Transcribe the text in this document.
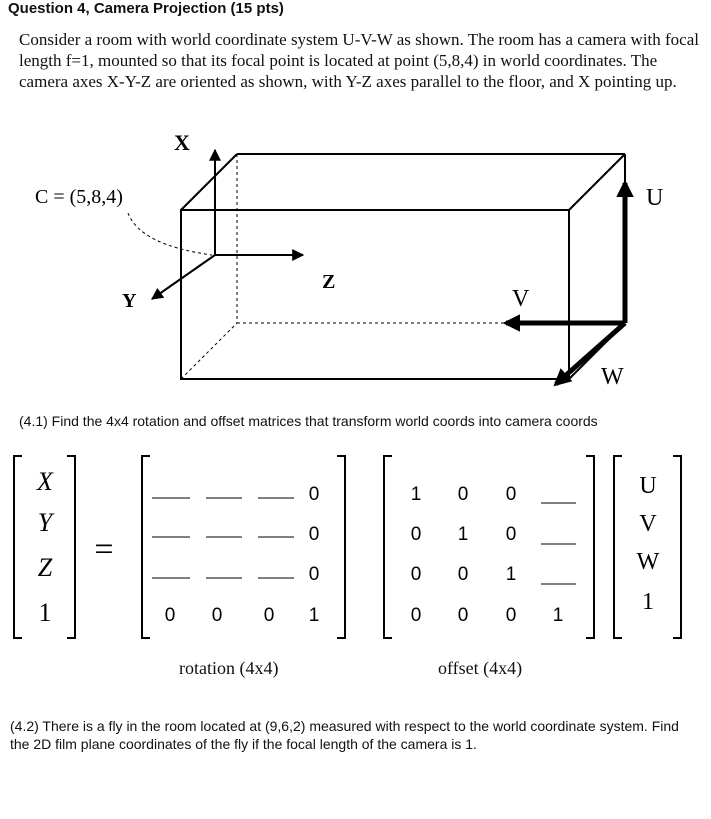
Question 4, Camera Projection (15 pts)

Consider a room with world coordinate system U-V-W as shown. The room has a camera with focal length f=1, mounted so that its focal point is located at point (5,8,4) in world coordinates. The camera axes X-Y-Z are oriented as shown, with Y-Z axes parallel to the floor, and X pointing up.

C = (5,8,4)
X
Y
Z
U
V
W
(4.1) Find the 4x4 rotation and offset matrices that transform world coords into camera coords
X
Y
Z
1
=
0
0
0
0 0 0 1
1 0 0
0 1 0
0 0 1
0 0 0 1
U
V
W
1
rotation (4x4)	offset (4x4)

(4.2) There is a fly in the room located at (9,6,2) measured with respect to the world coordinate system. Find the 2D film plane coordinates of the fly if the focal length of the camera is 1.
